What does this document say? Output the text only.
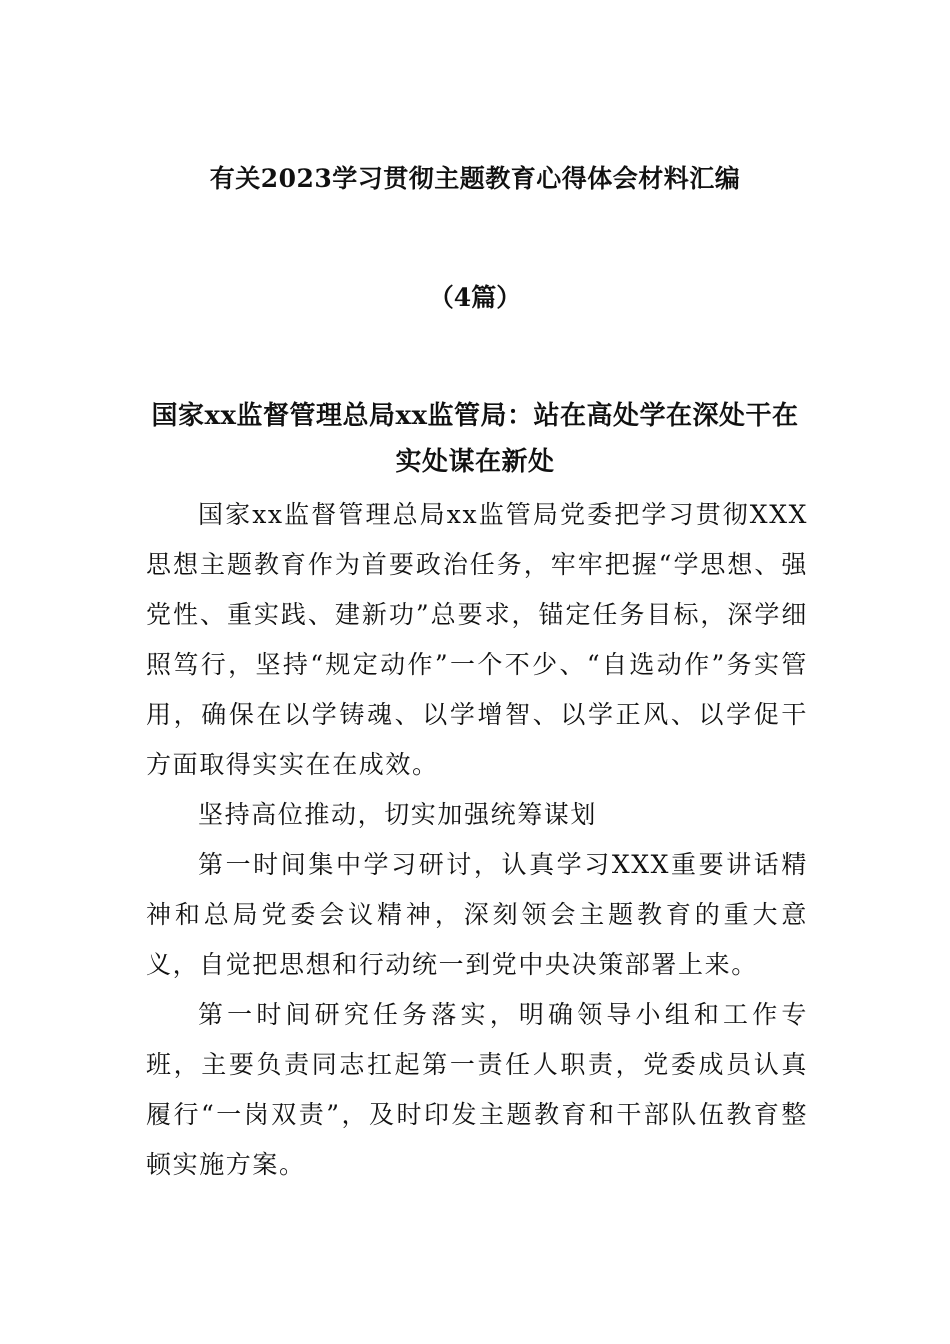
有关2023学习贯彻主题教育心得体会材料汇编
（4篇）
国家xx监督管理总局xx监管局：站在高处学在深处干在实处谋在新处

国家xx监督管理总局xx监管局党委把学习贯彻XXX思想主题教育作为首要政治任务，牢牢把握“学思想、强党性、重实践、建新功”总要求，锚定任务目标，深学细照笃行，坚持“规定动作”一个不少、“自选动作”务实管用，确保在以学铸魂、以学增智、以学正风、以学促干方面取得实实在在成效。

坚持高位推动，切实加强统筹谋划

第一时间集中学习研讨，认真学习XXX重要讲话精神和总局党委会议精神，深刻领会主题教育的重大意义，自觉把思想和行动统一到党中央决策部署上来。

第一时间研究任务落实，明确领导小组和工作专班，主要负责同志扛起第一责任人职责，党委成员认真履行“一岗双责”，及时印发主题教育和干部队伍教育整顿实施方案。
